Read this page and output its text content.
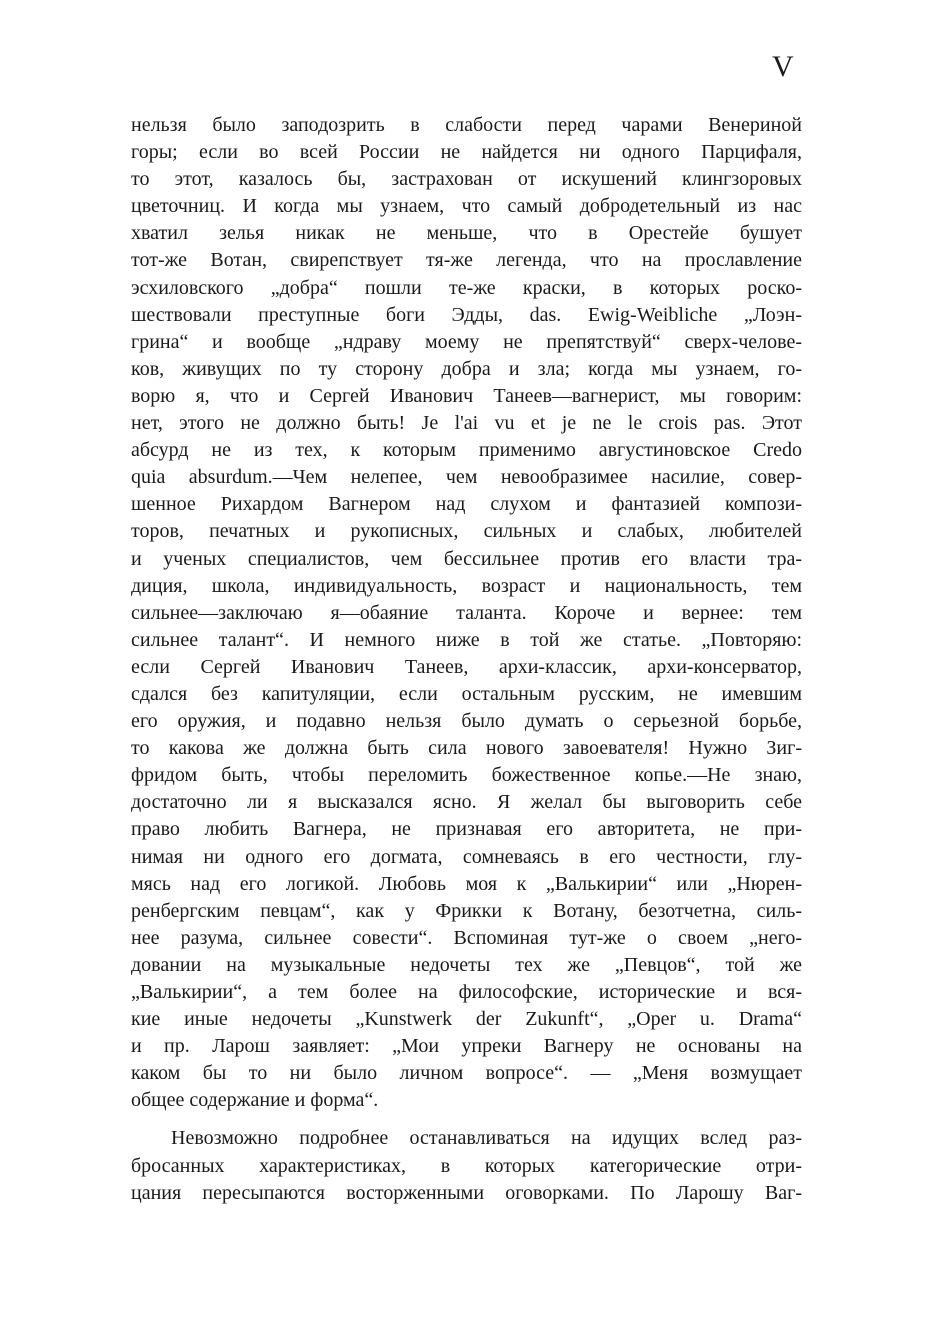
V
нельзя было заподозрить в слабости перед чарами Венериной
горы; если во всей России не найдется ни одного Парцифаля,
то этот, казалось бы, застрахован от искушений клингзоровых
цветочниц. И когда мы узнаем, что самый добродетельный из нас
хватил зелья никак не меньше, что в Орестейе бушует
тот-же Вотан, свирепствует тя-же легенда, что на прославление
эсхиловского „добра“ пошли те-же краски, в которых роско-
шествовали преступные боги Эдды, das. Ewig-Weibliche „Лоэн-
грина“ и вообще „ндраву моему не препятствуй“ сверх-челове-
ков, живущих по ту сторону добра и зла; когда мы узнаем, го-
ворю я, что и Сергей Иванович Танеев—вагнерист, мы говорим:
нет, этого не должно быть! Je l'ai vu et je ne le crois pas. Этот
абсурд не из тех, к которым применимо августиновское Credo
quia absurdum.—Чем нелепее, чем невообразимее насилие, совер-
шенное Рихардом Вагнером над слухом и фантазией компози-
торов, печатных и рукописных, сильных и слабых, любителей
и ученых специалистов, чем бессильнее против его власти тра-
диция, школа, индивидуальность, возраст и национальность, тем
сильнее—заключаю я—обаяние таланта. Короче и вернее: тем
сильнее талант“. И немного ниже в той же статье. „Повторяю:
если Сергей Иванович Танеев, архи-классик, архи-консерватор,
сдался без капитуляции, если остальным русским, не имевшим
его оружия, и подавно нельзя было думать о серьезной борьбе,
то какова же должна быть сила нового завоевателя! Нужно Зиг-
фридом быть, чтобы переломить божественное копье.—Не знаю,
достаточно ли я высказался ясно. Я желал бы выговорить себе
право любить Вагнера, не признавая его авторитета, не при-
нимая ни одного его догмата, сомневаясь в его честности, глу-
мясь над его логикой. Любовь моя к „Валькирии“ или „Нюрен-
ренбергским певцам“, как у Фрикки к Вотану, безотчетна, силь-
нее разума, сильнее совести“. Вспоминая тут-же о своем „него-
довании на музыкальные недочеты тех же „Певцов“, той же
„Валькирии“, а тем более на философские, исторические и вся-
кие иные недочеты „Kunstwerk der Zukunft“, „Oper u. Drama“
и пр. Ларош заявляет: „Мои упреки Вагнеру не основаны на
каком бы то ни было личном вопросе“. — „Меня возмущает
общее содержание и форма“.
Невозможно подробнее останавливаться на идущих вслед раз-
бросанных характеристиках, в которых категорические отри-
цания пересыпаются восторженными оговорками. По Ларошу Ваг-
